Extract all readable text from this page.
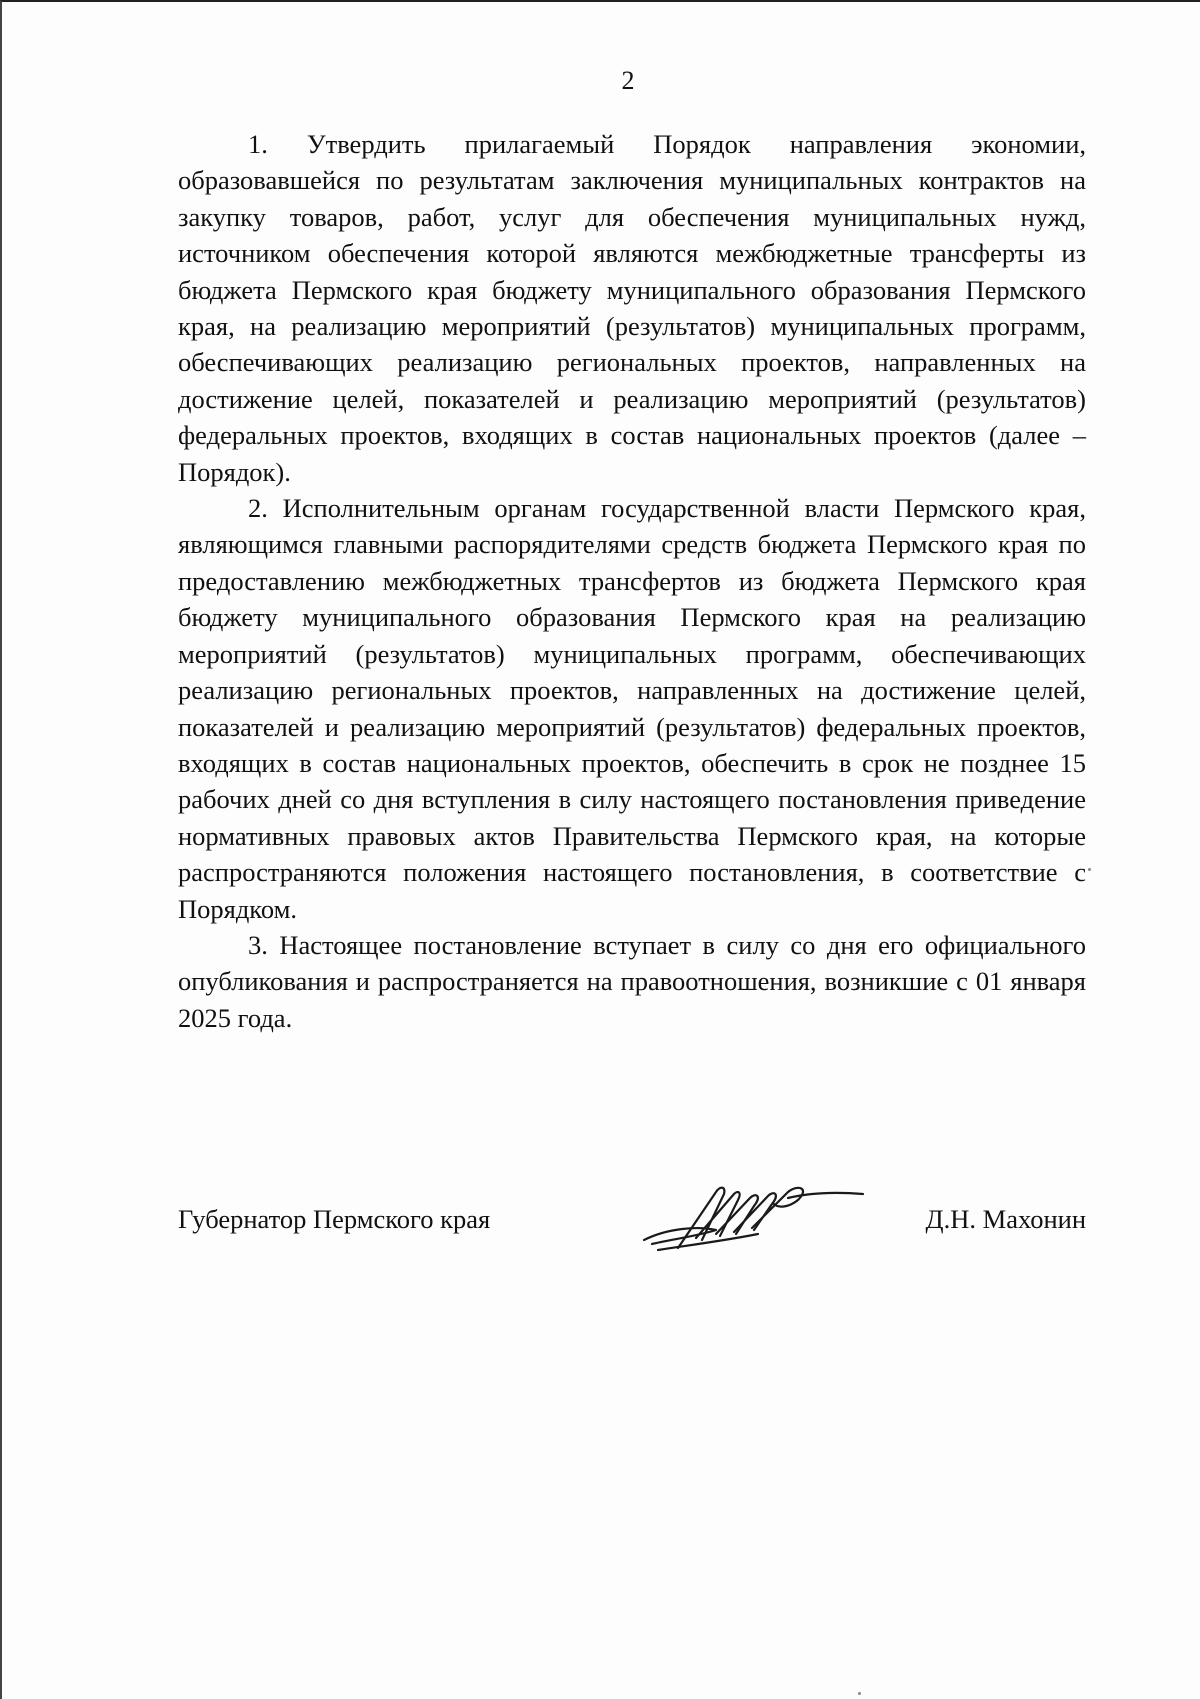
2

1. Утвердить прилагаемый Порядок направления экономии, образовавшейся по результатам заключения муниципальных контрактов на закупку товаров, работ, услуг для обеспечения муниципальных нужд, источником обеспечения которой являются межбюджетные трансферты из бюджета Пермского края бюджету муниципального образования Пермского края, на реализацию мероприятий (результатов) муниципальных программ, обеспечивающих реализацию региональных проектов, направленных на достижение целей, показателей и реализацию мероприятий (результатов) федеральных проектов, входящих в состав национальных проектов (далее – Порядок).

2. Исполнительным органам государственной власти Пермского края, являющимся главными распорядителями средств бюджета Пермского края по предоставлению межбюджетных трансфертов из бюджета Пермского края бюджету муниципального образования Пермского края на реализацию мероприятий (результатов) муниципальных программ, обеспечивающих реализацию региональных проектов, направленных на достижение целей, показателей и реализацию мероприятий (результатов) федеральных проектов, входящих в состав национальных проектов, обеспечить в срок не позднее 15 рабочих дней со дня вступления в силу настоящего постановления приведение нормативных правовых актов Правительства Пермского края, на которые распространяются положения настоящего постановления, в соответствие с Порядком.

3. Настоящее постановление вступает в силу со дня его официального опубликования и распространяется на правоотношения, возникшие с 01 января 2025 года.

Губернатор Пермского края	Д.Н. Махонин
